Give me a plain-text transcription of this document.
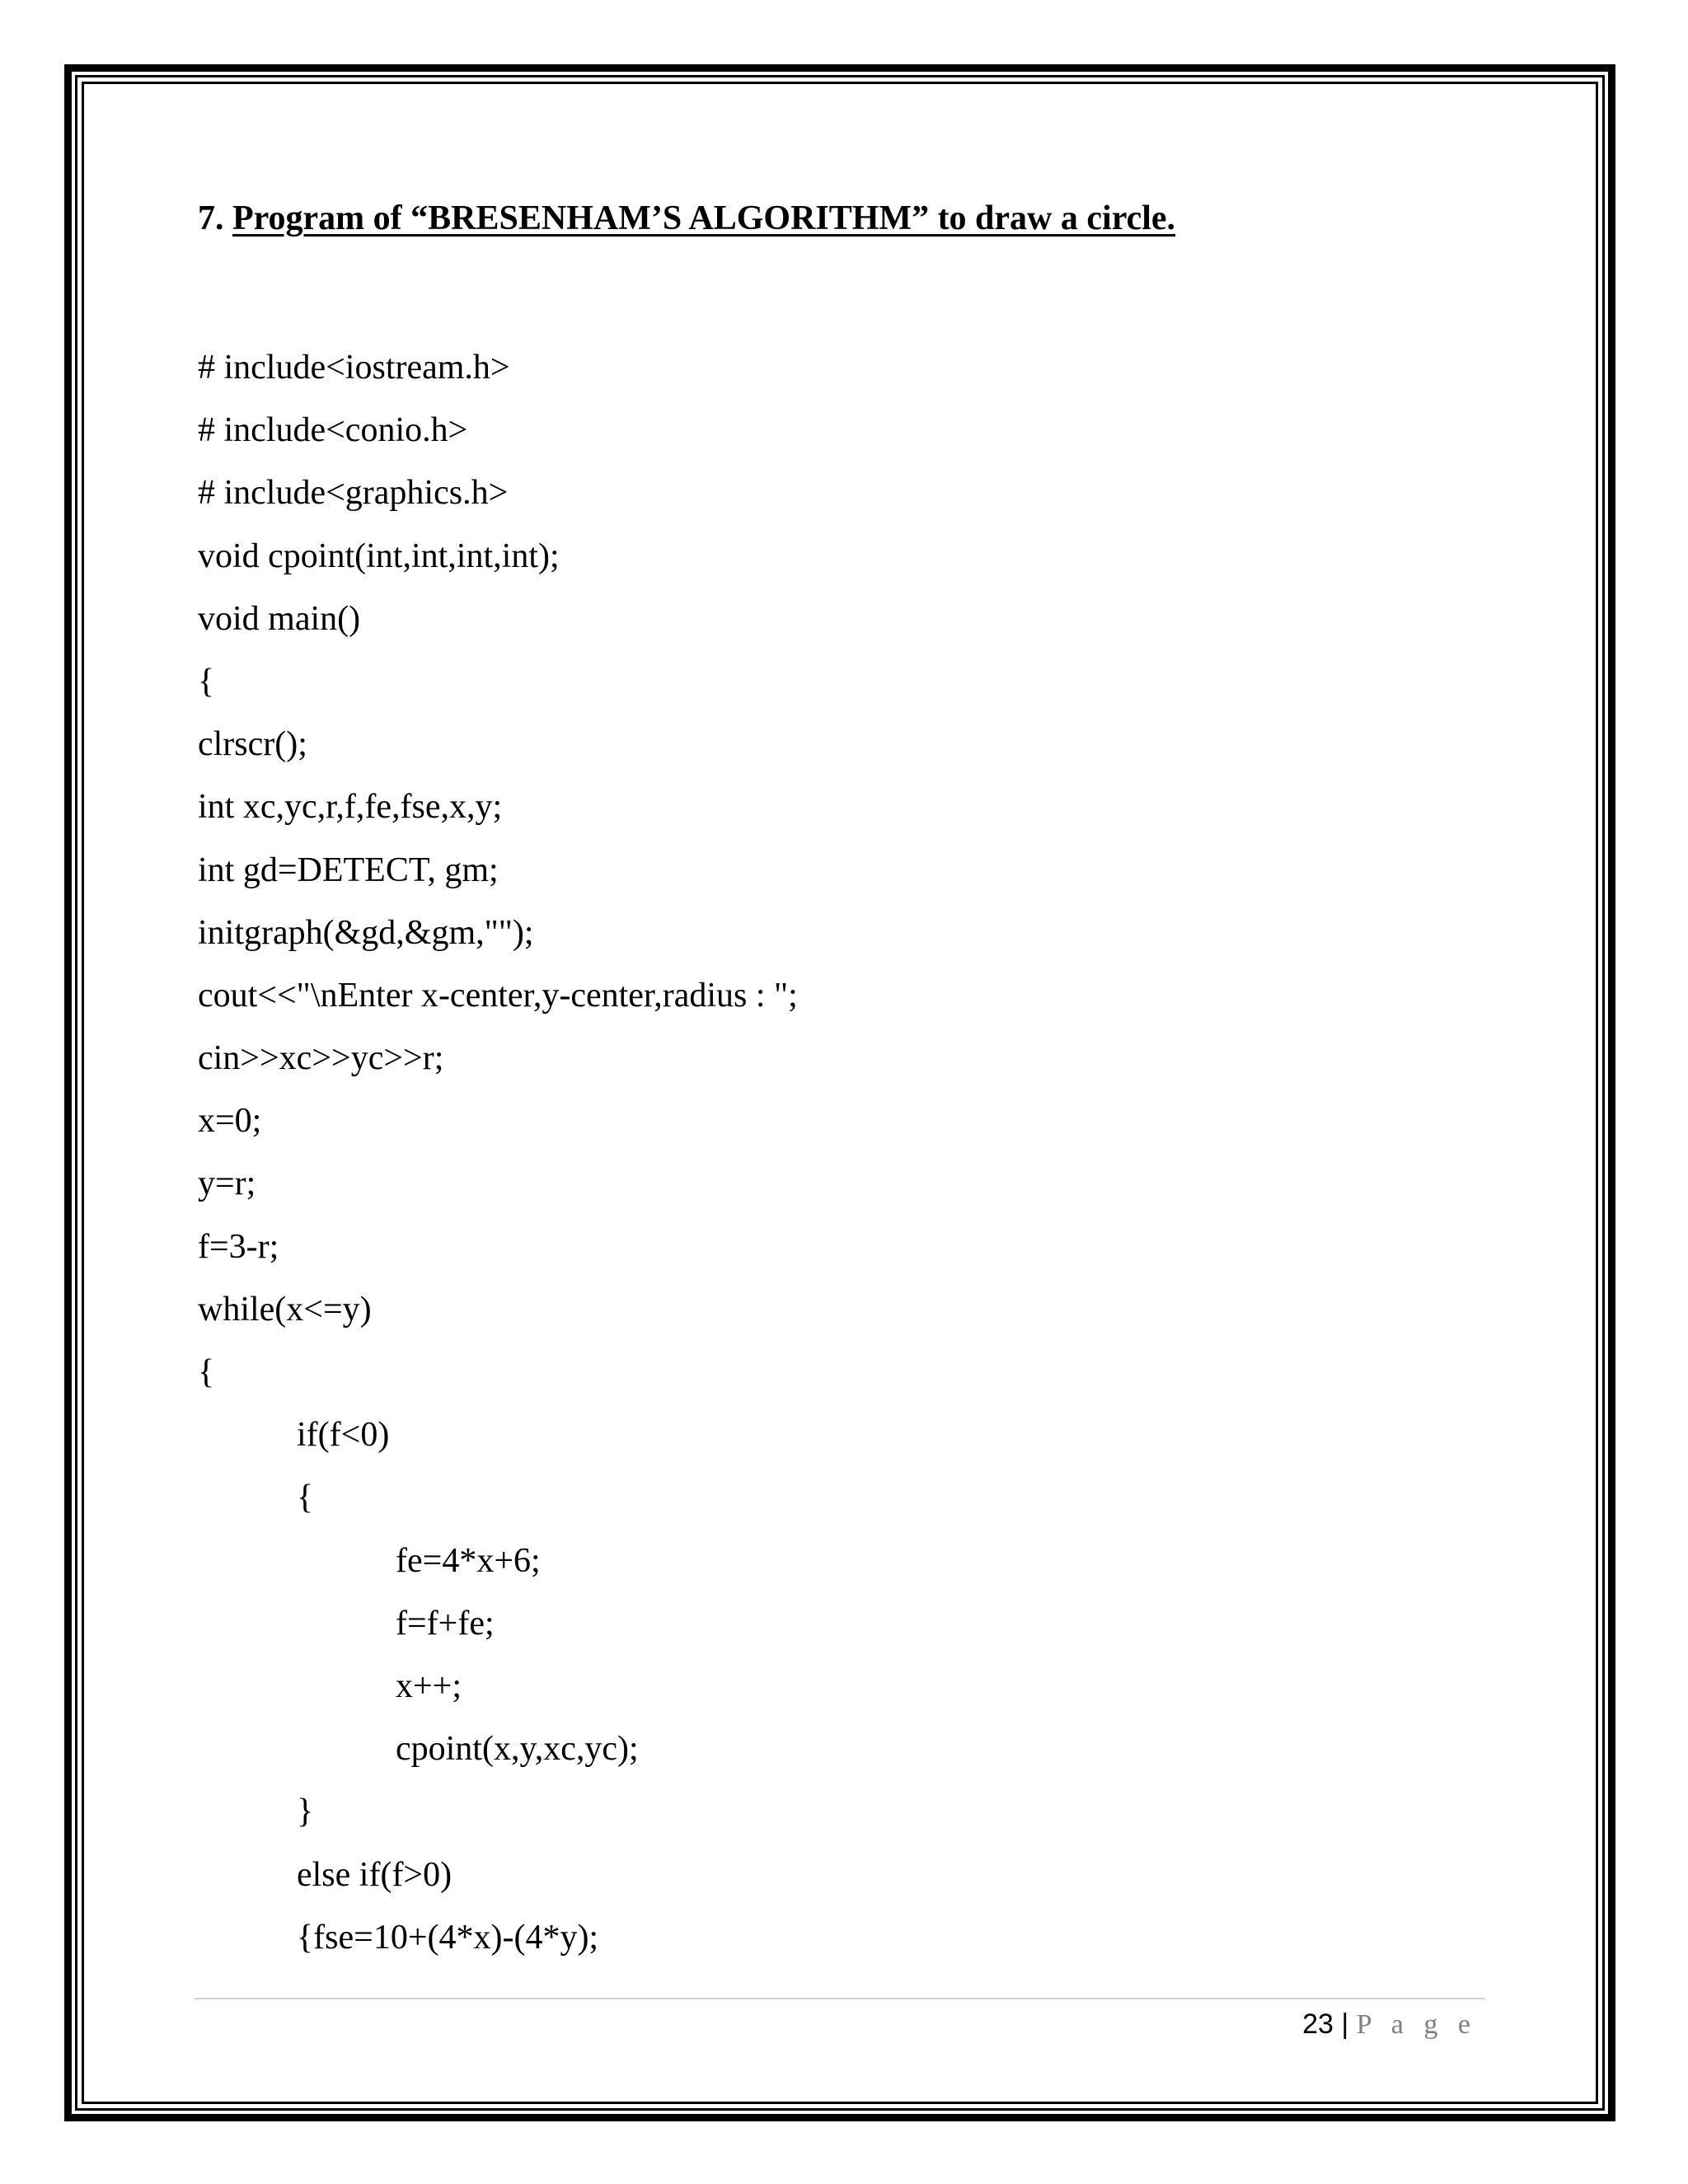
7. Program of “BRESENHAM’S ALGORITHM” to draw a circle.
# include<iostream.h>
# include<conio.h>
# include<graphics.h>
void cpoint(int,int,int,int);
void main()
{
clrscr();
int xc,yc,r,f,fe,fse,x,y;
int gd=DETECT, gm;
initgraph(&gd,&gm,"");
cout<<"\nEnter x-center,y-center,radius : ";
cin>>xc>>yc>>r;
x=0;
y=r;
f=3-r;
while(x<=y)
{
if(f<0)
{
fe=4*x+6;
f=f+fe;
x++;
cpoint(x,y,xc,yc);
}
else if(f>0)
{fse=10+(4*x)-(4*y);
23 | P a g e
